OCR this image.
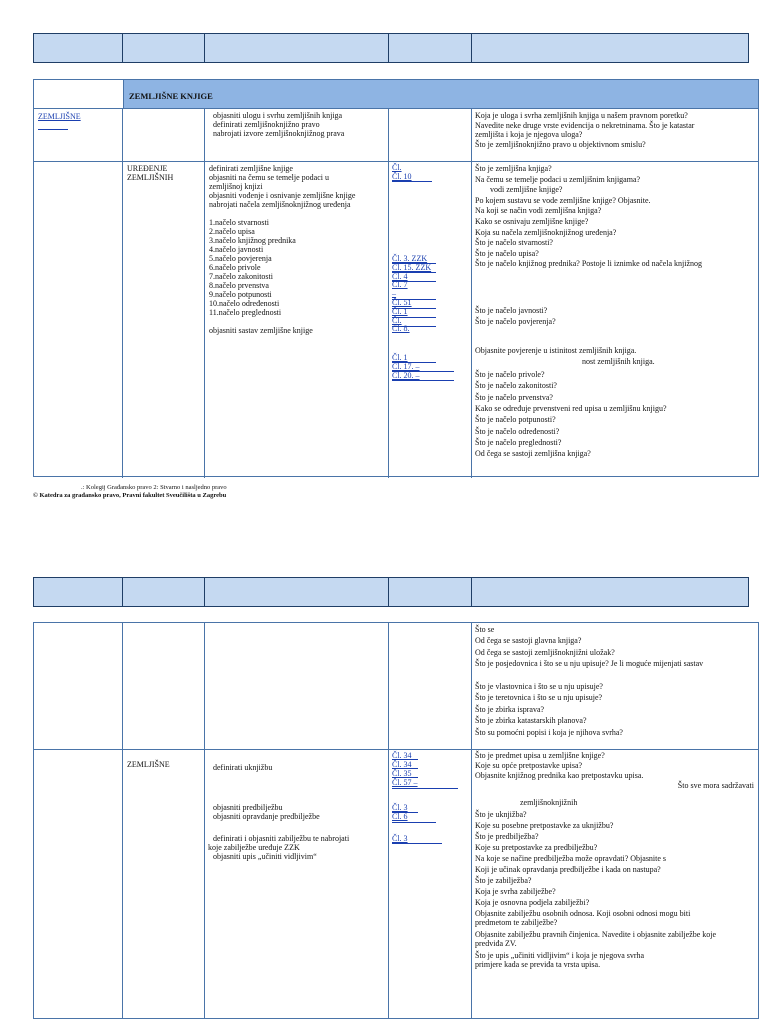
ZEMLJIŠNE KNJIGE
ZEMLJIŠNE	objasniti ulogu i svrhu zemljišnih knjiga
definirati zemljišnoknjižno pravo
nabrojati izvore zemljišnoknjižnog prava
Koja je uloga i svrha zemljišnih knjiga u našem pravnom poretku?
Navedite neke druge vrste evidencija o nekretninama. Što je katastar
zemljišta i koja je njegova uloga?
Što je zemljišnoknjižno pravo u objektivnom smislu?
UREĐENJE
ZEMLJIŠNIH
definirati zemljišne knjige
objasniti na čemu se temelje podaci u
zemljišnoj knjizi
objasniti vođenje i osnivanje zemljišne knjige
nabrojati načela zemljišnoknjižnog uređenja
1.načelo stvarnosti
2.načelo upisa
3.načelo knjižnog prednika
4.načelo javnosti
5.načelo povjerenja
6.načelo privole
7.načelo zakonitosti
8.načelo prvenstva
9.načelo potpunosti
10.načelo određenosti
11.načelo preglednosti
objasniti sastav zemljišne knjige
Čl.
Čl. 10
Čl. 3. ZZK
Čl. 15. ZZK
Čl. 4
Čl. 7
–
Čl. 51
Čl. 1
Čl.
Čl. 8.
Čl. 1
Čl. 17. –
Čl. 20. –
Što je zemljišna knjiga?
Na čemu se temelje podaci u zemljišnim knjigama?
vodi zemljišne knjige?
Po kojem sustavu se vode zemljišne knjige? Objasnite.
Na koji se način vodi zemljišna knjiga?
Kako se osnivaju zemljišne knjige?
Koja su načela zemljišnoknjižnog uređenja?
Što je načelo stvarnosti?
Što je načelo upisa?
Što je načelo knjižnog prednika? Postoje li iznimke od načela knjižnog
Što je načelo javnosti?
Što je načelo povjerenja?
Objasnite povjerenje u istinitost zemljišnih knjiga.
nost zemljišnih knjiga.
Što je načelo privole?
Što je načelo zakonitosti?
Što je načelo prvenstva?
Kako se određuje prvenstveni red upisa u zemljišnu knjigu?
Što je načelo potpunosti?
Što je načelo određenosti?
Što je načelo preglednosti?
Od čega se sastoji zemljišna knjiga?
.: Kolegij Građansko pravo 2: Stvarno i nasljedno pravo
© Katedra za građansko pravo, Pravni fakultet Sveučilišta u Zagrebu
Što se
Od čega se sastoji glavna knjiga?
Od čega se sastoji zemljišnoknjižni uložak?
Što je posjedovnica i što se u nju upisuje? Je li moguće mijenjati sastav
Što je vlastovnica i što se u nju upisuje?
Što je teretovnica i što se u nju upisuje?
Što je zbirka isprava?
Što je zbirka katastarskih planova?
Što su pomoćni popisi i koja je njihova svrha?
ZEMLJIŠNE	definirati uknjižbu
objasniti predbilježbu
objasniti opravdanje predbilježbe
definirati i objasniti zabilježbu te nabrojati
koje zabilježbe uređuje ZZK
objasniti upis „učiniti vidljivim“
Čl. 34
Čl. 34
Čl. 35
Čl. 57 –
Čl. 3
Čl. 6
Čl. 3
Što je predmet upisa u zemljišne knjige?
Koje su opće pretpostavke upisa?
Objasnite knjižnog prednika kao pretpostavku upisa.
Što sve mora sadržavati
zemljišnoknjižnih
Što je uknjižba?
Koje su posebne pretpostavke za uknjižbu?
Što je predbilježba?
Koje su pretpostavke za predbilježbu?
Na koje se načine predbilježba može opravdati? Objasnite s
Koji je učinak opravdanja predbilježbe i kada on nastupa?
Što je zabilježba?
Koja je svrha zabilježbe?
Koja je osnovna podjela zabilježbi?
Objasnite zabilježbu osobnih odnosa. Koji osobni odnosi mogu biti
predmetom te zabilježbe?
Objasnite zabilježbu pravnih činjenica. Navedite i objasnite zabilježbe koje
predviđa ZV.
Što je upis „učiniti vidljivim“ i koja je njegova svrha
primjere kada se previđa ta vrsta upisa.
